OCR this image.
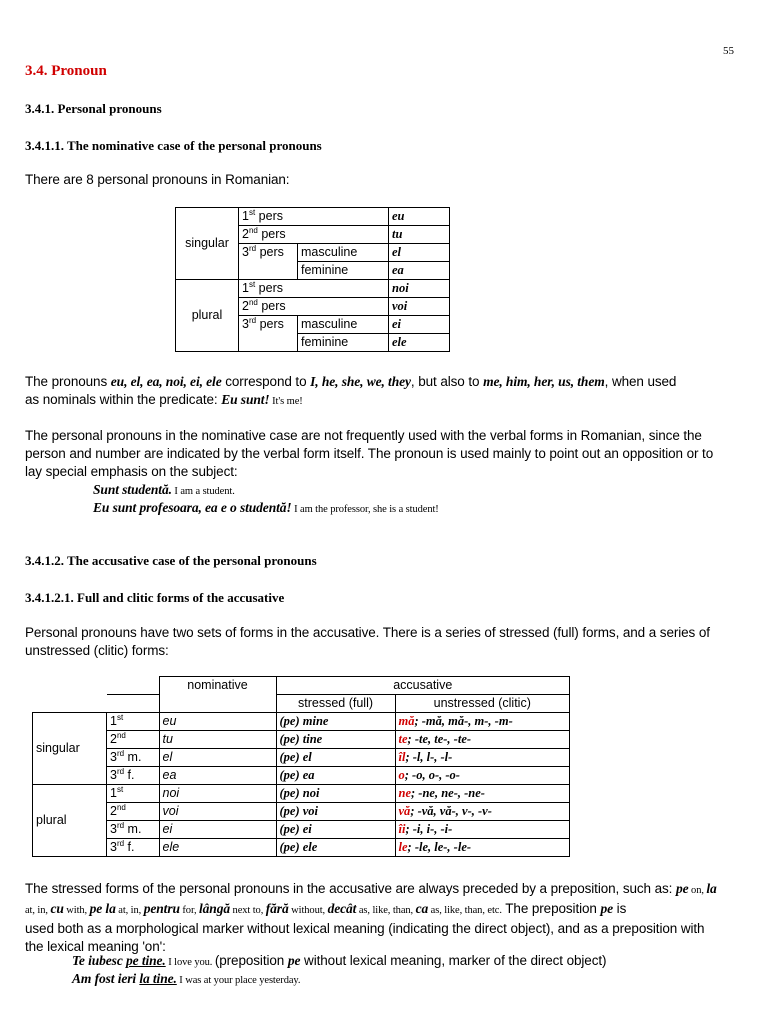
55
3.4. Pronoun
3.4.1. Personal pronouns
3.4.1.1. The nominative case of the personal pronouns
There are 8 personal pronouns in Romanian:
singular	1st pers		eu
	2nd pers		tu
	3rd pers	masculine	el
		feminine	ea
plural	1st pers		noi
	2nd pers		voi
	3rd pers	masculine	ei
		feminine	ele
The pronouns eu, el, ea, noi, ei, ele correspond to I, he, she, we, they, but also to me, him, her, us, them, when used
as nominals within the predicate: Eu sunt! It's me!
The personal pronouns in the nominative case are not frequently used with the verbal forms in Romanian, since the
person and number are indicated by the verbal form itself. The pronoun is used mainly to point out an opposition or to
lay special emphasis on the subject:
Sunt studentă. I am a student.
Eu sunt profesoara, ea e o studentă! I am the professor, she is a student!
3.4.1.2. The accusative case of the personal pronouns
3.4.1.2.1. Full and clitic forms of the accusative
Personal pronouns have two sets of forms in the accusative. There is a series of stressed (full) forms, and a series of
unstressed (clitic) forms:
		nominative	accusative	
			stressed (full)	unstressed (clitic)
singular	1st	eu	(pe) mine	mă; -mă, mă-, m-, -m-
	2nd	tu	(pe) tine	te; -te, te-, -te-
	3rd m.	el	(pe) el	îl; -l, l-, -l-
	3rd f.	ea	(pe) ea	o; -o, o-, -o-
plural	1st	noi	(pe) noi	ne; -ne, ne-, -ne-
	2nd	voi	(pe) voi	vă; -vă, vă-, v-, -v-
	3rd m.	ei	(pe) ei	îi; -i, i-, -i-
	3rd f.	ele	(pe) ele	le; -le, le-, -le-
The stressed forms of the personal pronouns in the accusative are always preceded by a preposition, such as: pe on, la
at, in, cu with, pe la at, in, pentru for, lângă next to, fără without, decât as, like, than, ca as, like, than, etc. The preposition pe is
used both as a morphological marker without lexical meaning (indicating the direct object), and as a preposition with
the lexical meaning 'on':
Te iubesc pe tine. I love you. (preposition pe without lexical meaning, marker of the direct object)
Am fost ieri la tine. I was at your place yesterday.
